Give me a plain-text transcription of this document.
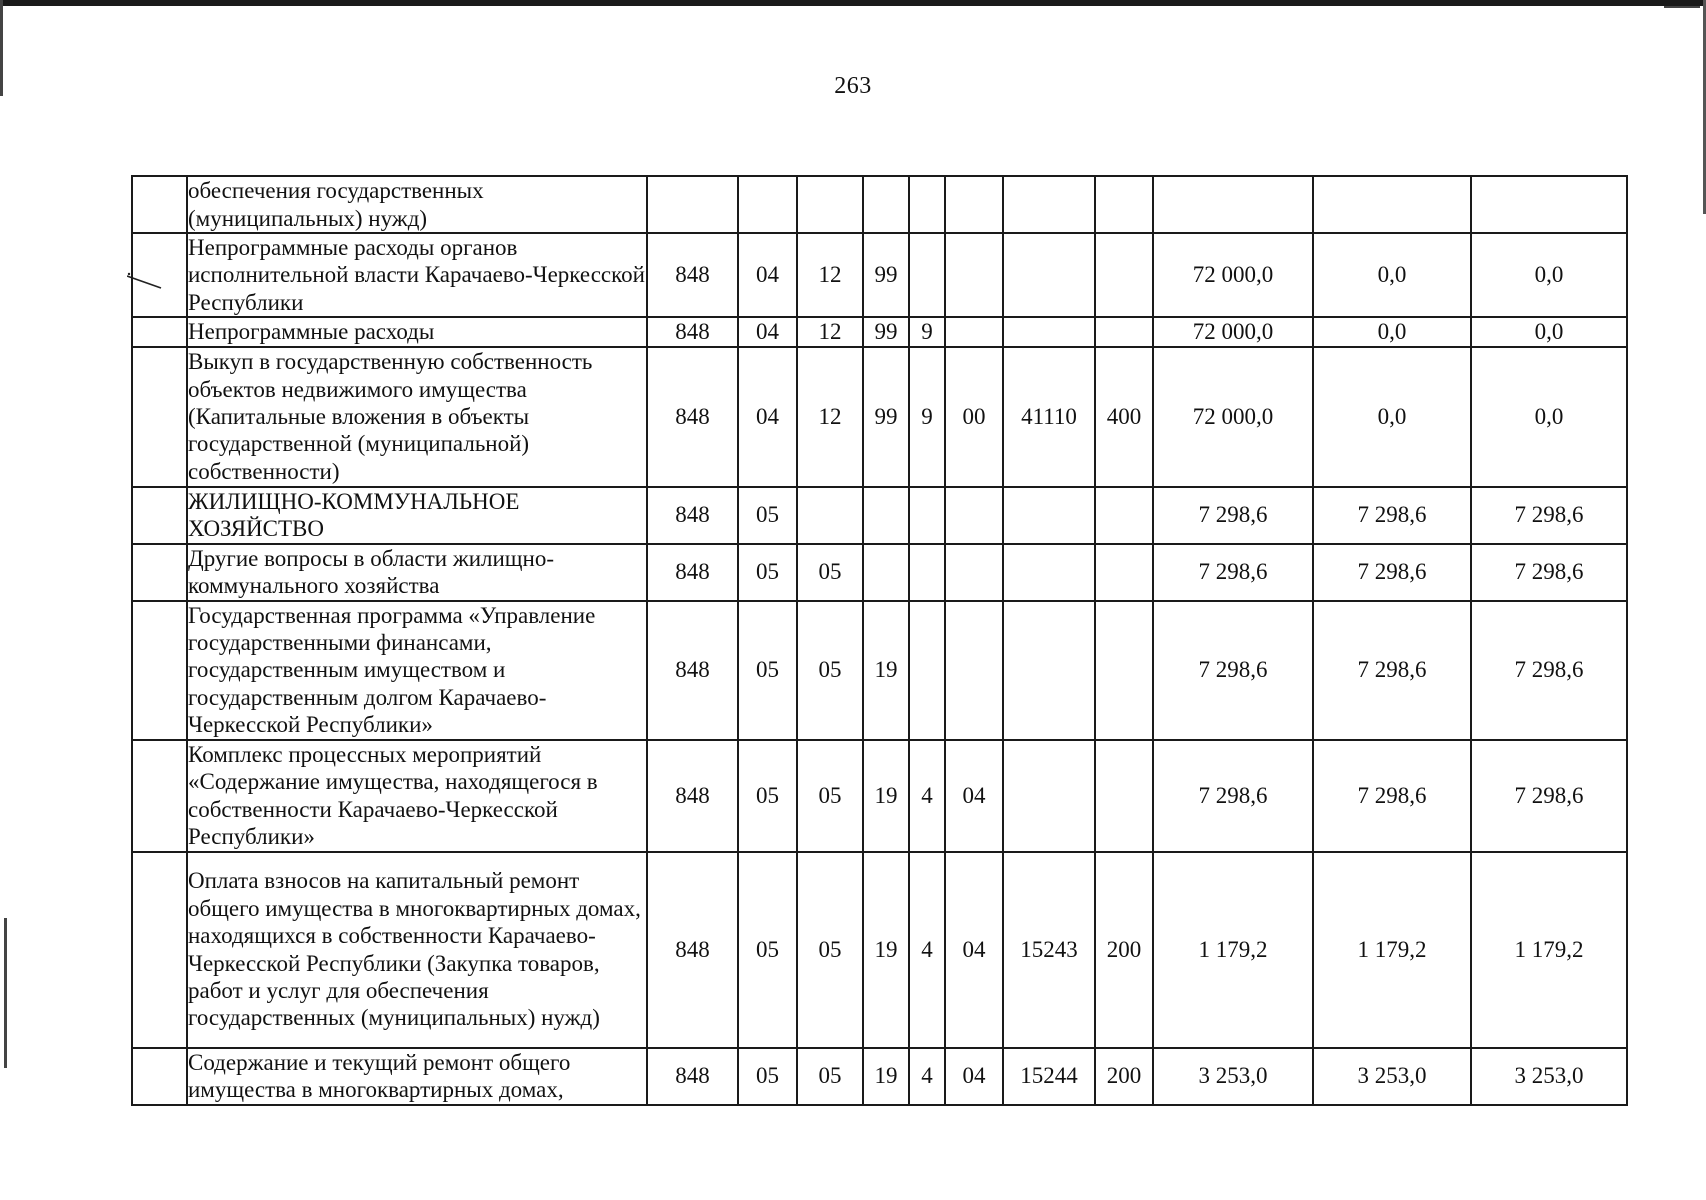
263
	обеспечения государственных (муниципальных) нужд)											
	Непрограммные расходы органов исполнительной власти Карачаево-Черкесской Республики	848	04	12	99					72 000,0	0,0	0,0
	Непрограммные расходы	848	04	12	99	9				72 000,0	0,0	0,0
	Выкуп в государственную собственность объектов недвижимого имущества (Капитальные вложения в объекты государственной (муниципальной) собственности)	848	04	12	99	9	00	41110	400	72 000,0	0,0	0,0
	ЖИЛИЩНО-КОММУНАЛЬНОЕ ХОЗЯЙСТВО	848	05							7 298,6	7 298,6	7 298,6
	Другие вопросы в области жилищно-коммунального хозяйства	848	05	05						7 298,6	7 298,6	7 298,6
	Государственная программа «Управление государственными финансами, государственным имуществом и государственным долгом Карачаево-Черкесской Республики»	848	05	05	19					7 298,6	7 298,6	7 298,6
	Комплекс процессных мероприятий «Содержание имущества, находящегося в собственности Карачаево-Черкесской Республики»	848	05	05	19	4	04			7 298,6	7 298,6	7 298,6
	Оплата взносов на капитальный ремонт общего имущества в многоквартирных домах, находящихся в собственности Карачаево-Черкесской Республики (Закупка товаров, работ и услуг для обеспечения государственных (муниципальных) нужд)	848	05	05	19	4	04	15243	200	1 179,2	1 179,2	1 179,2
	Содержание и текущий ремонт общего имущества в многоквартирных домах,	848	05	05	19	4	04	15244	200	3 253,0	3 253,0	3 253,0
